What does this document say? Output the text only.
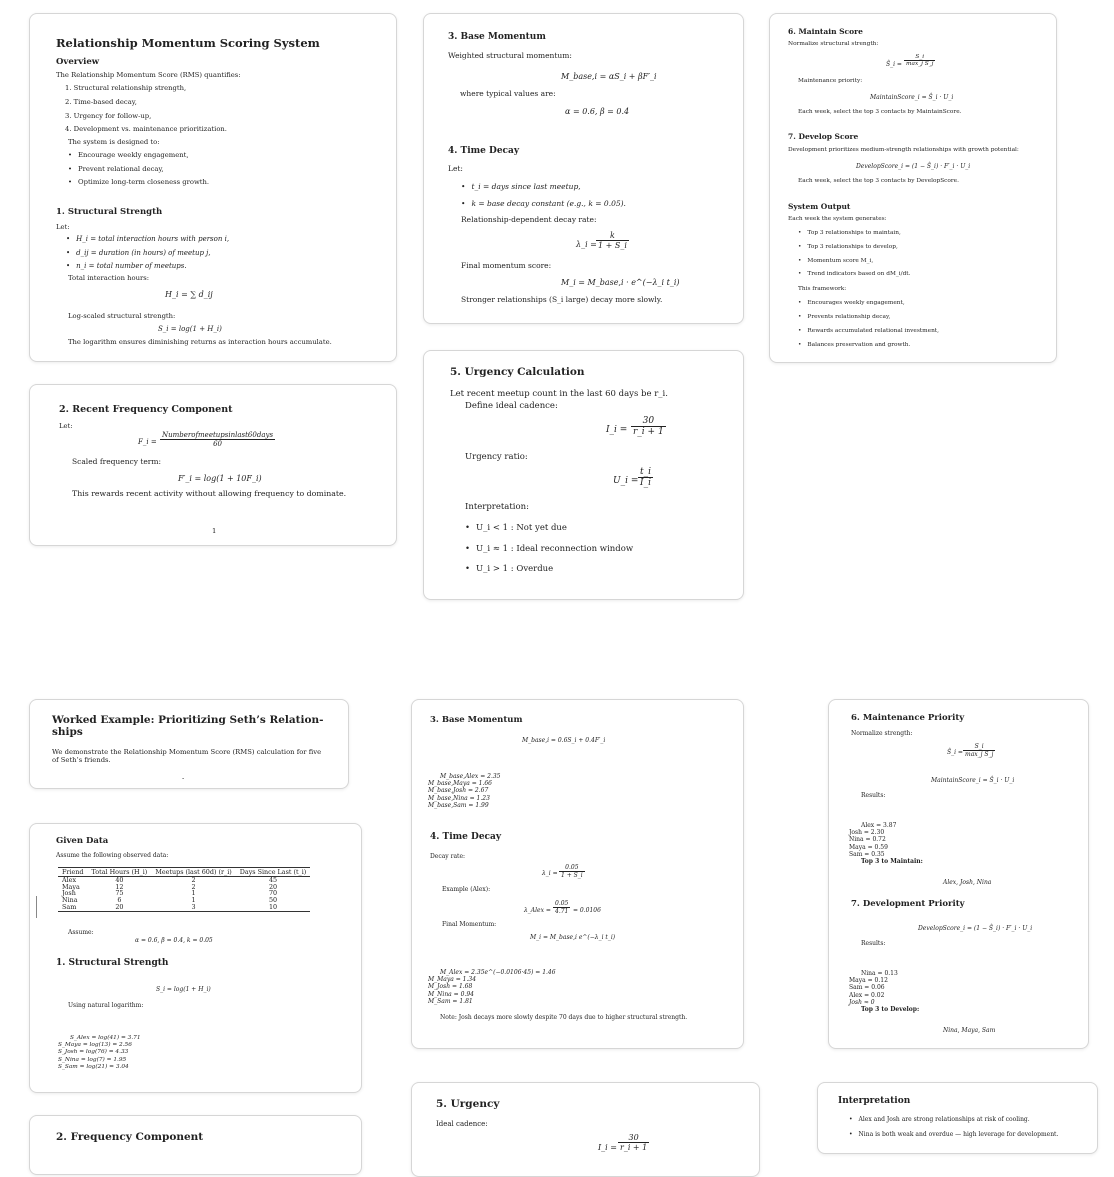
Relationship Momentum Scoring System
Overview
The Relationship Momentum Score (RMS) quantifies:
1. Structural relationship strength,
2. Time-based decay,
3. Urgency for follow-up,
4. Development vs. maintenance prioritization.
The system is designed to:
• Encourage weekly engagement,
• Prevent relational decay,
• Optimize long-term closeness growth.
1. Structural Strength
Let:
• H_i = total interaction hours with person i,
• d_ij = duration (in hours) of meetup j,
• n_i = total number of meetups.
Total interaction hours:
H_i = ∑ d_ij
Log-scaled structural strength:
S_i = log(1 + H_i)
The logarithm ensures diminishing returns as interaction hours accumulate.
2. Recent Frequency Component
Let:
F_i =
Numberofmeetupsinlast60days
60
Scaled frequency term:
F′_i = log(1 + 10F_i)
This rewards recent activity without allowing frequency to dominate.
1
3. Base Momentum
Weighted structural momentum:
M_base,i = αS_i + βF′_i
where typical values are:
α = 0.6, β = 0.4
4. Time Decay
Let:
• t_i = days since last meetup,
• k = base decay constant (e.g., k = 0.05).
Relationship-dependent decay rate:
λ_i = $\frac{k}{1 + S\_i}$
Final momentum score:
M_i = M_base,i · e^(−λ_i t_i)
Stronger relationships (S_i large) decay more slowly.
5. Urgency Calculation
Let recent meetup count in the last 60 days be r_i.
Define ideal cadence:
I_i = $\frac{30}{r\_i + 1}$
Urgency ratio:
U_i = $\frac{t\_i}{I\_i}$
Interpretation:
• U_i < 1 : Not yet due
• U_i ≈ 1 : Ideal reconnection window
• U_i > 1 : Overdue
6. Maintain Score
Normalize structural strength:
Ŝ_i =
S_i
max_j S_j
Maintenance priority:
MaintainScore_i = Ŝ_i · U_i
Each week, select the top 3 contacts by MaintainScore.
7. Develop Score
Development prioritizes medium-strength relationships with growth potential:
DevelopScore_i = (1 − Ŝ_i) · F′_i · U_i
Each week, select the top 3 contacts by DevelopScore.
System Output
Each week the system generates:
• Top 3 relationships to maintain,
• Top 3 relationships to develop,
• Momentum score M_i,
• Trend indicators based on dM_i/dt.
This framework:
• Encourages weekly engagement,
• Prevents relationship decay,
• Rewards accumulated relational investment,
• Balances preservation and growth.
Worked Example: Prioritizing Seth’s Relation-ships
We demonstrate the Relationship Momentum Score (RMS) calculation for five of Seth’s friends.
-
Given Data
Assume the following observed data:
Friend	Total Hours (H_i)	Meetups (last 60d) (r_i)	Days Since Last (t_i)
Alex	40	2	45
Maya	12	2	20
Josh	75	1	70
Nina	6	1	50
Sam	20	3	10
Assume:
α = 0.6, β = 0.4, k = 0.05
1. Structural Strength
S_i = log(1 + H_i)
Using natural logarithm:
S_Alex = log(41) = 3.71
S_Maya = log(13) = 2.56
S_Josh = log(76) = 4.33
S_Nina = log(7) = 1.95
S_Sam = log(21) = 3.04
2. Frequency Component
3. Base Momentum
M_base,i = 0.6S_i + 0.4F′_i
M_base,Alex = 2.35
M_base,Maya = 1.66
M_base,Josh = 2.67
M_base,Nina = 1.23
M_base,Sam = 1.99
4. Time Decay
Decay rate:
λ_i = $\frac{0.05}{1 + S\_i}$
Example (Alex):
λ_Alex = $\frac{0.05}{4.71} = 0.0106$
Final Momentum:
M_i = M_base,i e^(−λ_i t_i)
M_Alex = 2.35e^(−0.0106·45) = 1.46
M_Maya = 1.34
M_Josh = 1.68
M_Nina = 0.94
M_Sam = 1.81
Note: Josh decays more slowly despite 70 days due to higher structural strength.
5. Urgency
Ideal cadence:
I_i = $\frac{30}{r\_i + 1}$
6. Maintenance Priority
Normalize strength:
Ŝ_i =
S_i
max_j S_j
MaintainScore_i = Ŝ_i · U_i
Results:
Alex = 3.87
Josh = 2.30
Nina = 0.72
Maya = 0.59
Sam = 0.35
Top 3 to Maintain:
Alex, Josh, Nina
7. Development Priority
DevelopScore_i = (1 − Ŝ_i) · F′_i · U_i
Results:
Nina = 0.13
Maya = 0.12
Sam = 0.06
Alex = 0.02
Josh ≈ 0
Top 3 to Develop:
Nina, Maya, Sam
Interpretation
• Alex and Josh are strong relationships at risk of cooling.
• Nina is both weak and overdue — high leverage for development.
